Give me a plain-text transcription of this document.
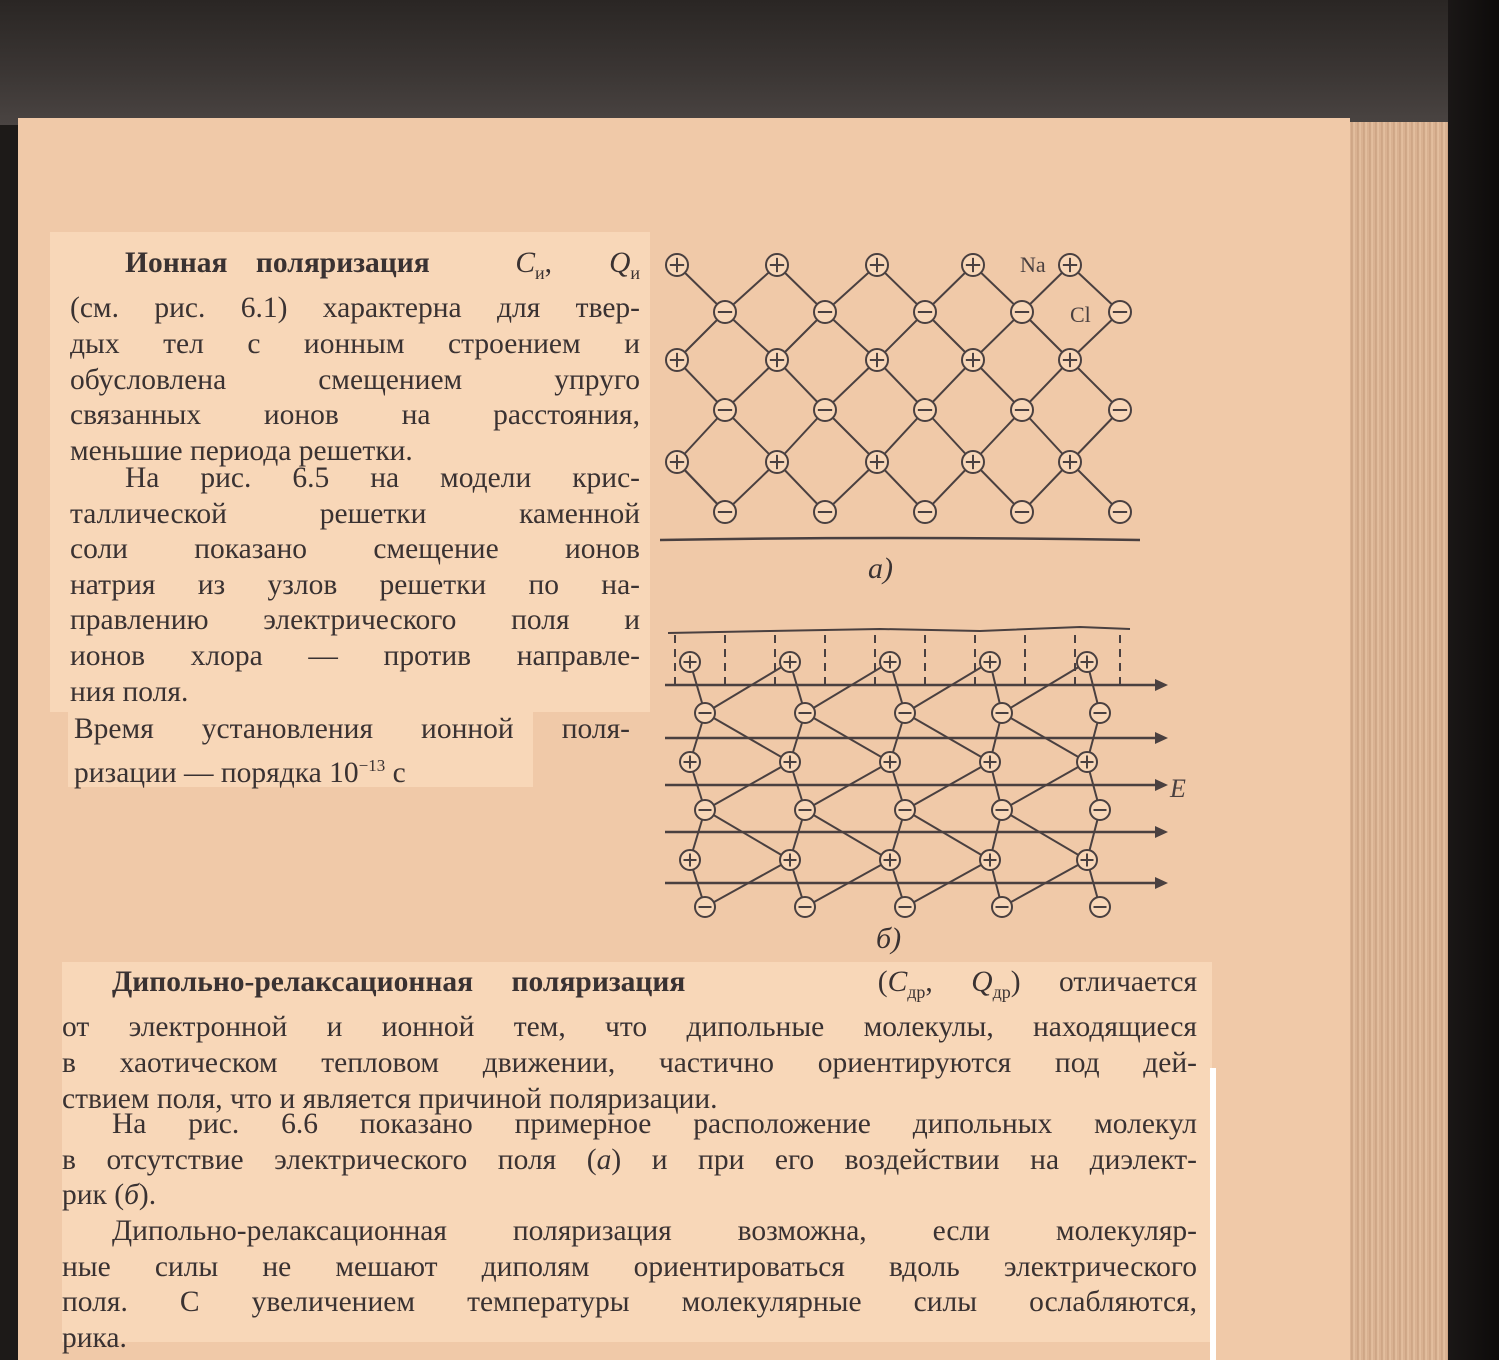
Ионная поляризация	$С_и$,  $Q_и$
(см. рис. 6.1) характерна для твер-
дых тел с ионным строением и
обусловлена смещением упруго
связанных ионов на расстояния,
меньшие периода решетки.
На рис. 6.5 на модели крис-
таллической решетки каменной
соли показано смещение ионов
натрия из узлов решетки по на-
правлению электрического поля и
ионов хлора — против направле-
ния поля.
Время установления ионной поля-
ризации — порядка $10^{-13}$ с
Na
Cl
а)
E
б)
Дипольно-релаксационная поляризация     ($С_{др}$, $Q_{др}$) отличается
от электронной и ионной тем, что дипольные молекулы, находящиеся
в хаотическом тепловом движении, частично ориентируются под дей-
ствием поля, что и является причиной поляризации.
На рис. 6.6 показано примерное расположение дипольных молекул
в отсутствие электрического поля (а) и при его воздействии на диэлект-
рик (б).
Дипольно-релаксационная поляризация возможна, если молекуляр-
ные силы не мешают диполям ориентироваться вдоль электрического
поля. С увеличением температуры молекулярные силы ослабляются,
рика.
